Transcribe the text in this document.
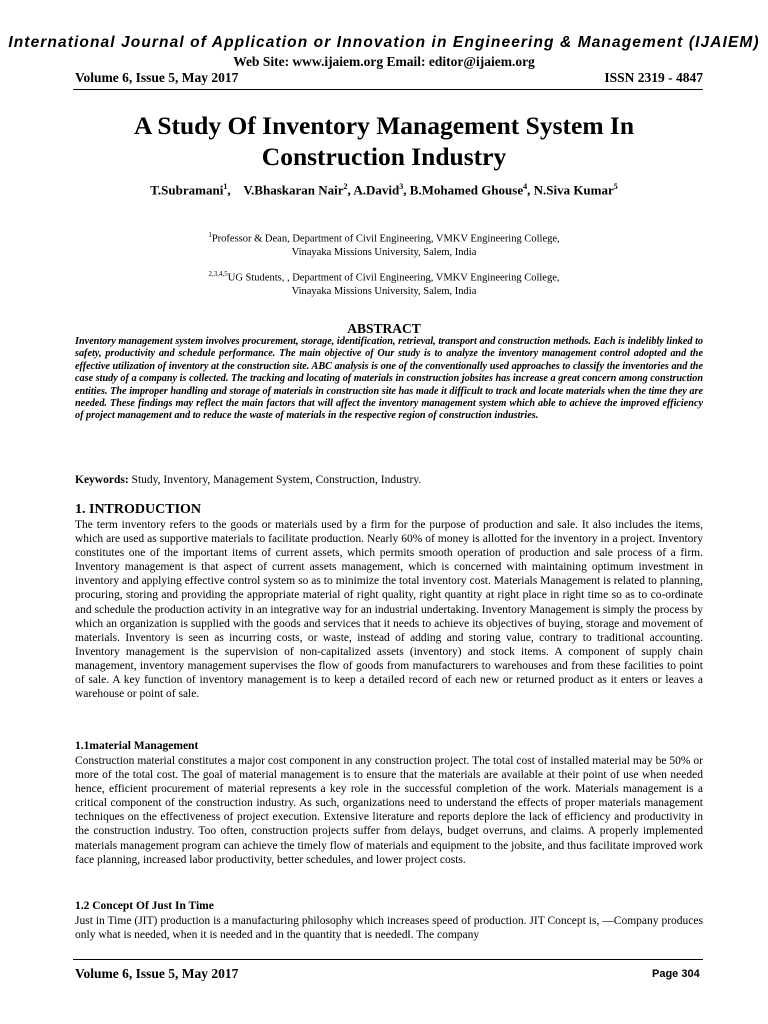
International Journal of Application or Innovation in Engineering & Management (IJAIEM)
Web Site: www.ijaiem.org Email: editor@ijaiem.org
Volume 6, Issue 5, May 2017	ISSN 2319 - 4847
A Study Of Inventory Management System In Construction Industry
T.Subramani$^1$,    V.Bhaskaran Nair$^2$, A.David$^3$, B.Mohamed Ghouse$^4$, N.Siva Kumar$^5$
$^1$Professor & Dean, Department of Civil Engineering, VMKV Engineering College,
Vinayaka Missions University, Salem, India
$^{2,3,4,5}$UG Students, , Department of Civil Engineering, VMKV Engineering College,
Vinayaka Missions University, Salem, India
ABSTRACT
Inventory management system involves procurement, storage, identification, retrieval, transport and construction methods. Each is indelibly linked to safety, productivity and schedule performance. The main objective of Our study is to analyze the inventory management control adopted and the effective utilization of inventory at the construction site. ABC analysis is one of the conventionally used approaches to classify the inventories and the case study of a company is collected. The tracking and locating of materials in construction jobsites has increase a great concern among construction entities. The improper handling and storage of materials in construction site has made it difficult to track and locate materials when the time they are needed. These findings may reflect the main factors that will affect the inventory management system which able to achieve the improved efficiency of project management and to reduce the waste of materials in the respective region of construction industries.
Keywords: Study, Inventory, Management System, Construction, Industry.
1. INTRODUCTION
The term inventory refers to the goods or materials used by a firm for the purpose of production and sale. It also includes the items, which are used as supportive materials to facilitate production. Nearly 60% of money is allotted for the inventory in a project. Inventory constitutes one of the important items of current assets, which permits smooth operation of production and sale process of a firm. Inventory management is that aspect of current assets management, which is concerned with maintaining optimum investment in inventory and applying effective control system so as to minimize the total inventory cost. Materials Management is related to planning, procuring, storing and providing the appropriate material of right quality, right quantity at right place in right time so as to co-ordinate and schedule the production activity in an integrative way for an industrial undertaking. Inventory Management is simply the process by which an organization is supplied with the goods and services that it needs to achieve its objectives of buying, storage and movement of materials. Inventory is seen as incurring costs, or waste, instead of adding and storing value, contrary to traditional accounting. Inventory management is the supervision of non-capitalized assets (inventory) and stock items. A component of supply chain management, inventory management supervises the flow of goods from manufacturers to warehouses and from these facilities to point of sale. A key function of inventory management is to keep a detailed record of each new or returned product as it enters or leaves a warehouse or point of sale.
1.1material Management
Construction material constitutes a major cost component in any construction project. The total cost of installed material may be 50% or more of the total cost. The goal of material management is to ensure that the materials are available at their point of use when needed hence, efficient procurement of material represents a key role in the successful completion of the work. Materials management is a critical component of the construction industry. As such, organizations need to understand the effects of proper materials management techniques on the effectiveness of project execution. Extensive literature and reports deplore the lack of efficiency and productivity in the construction industry. Too often, construction projects suffer from delays, budget overruns, and claims. A properly implemented materials management program can achieve the timely flow of materials and equipment to the jobsite, and thus facilitate improved work face planning, increased labor productivity, better schedules, and lower project costs.
1.2 Concept Of Just In Time
Just in Time (JIT) production is a manufacturing philosophy which increases speed of production. JIT Concept is, —Company produces only what is needed, when it is needed and in the quantity that is needed‖. The company
Volume 6, Issue 5, May 2017	Page 304
